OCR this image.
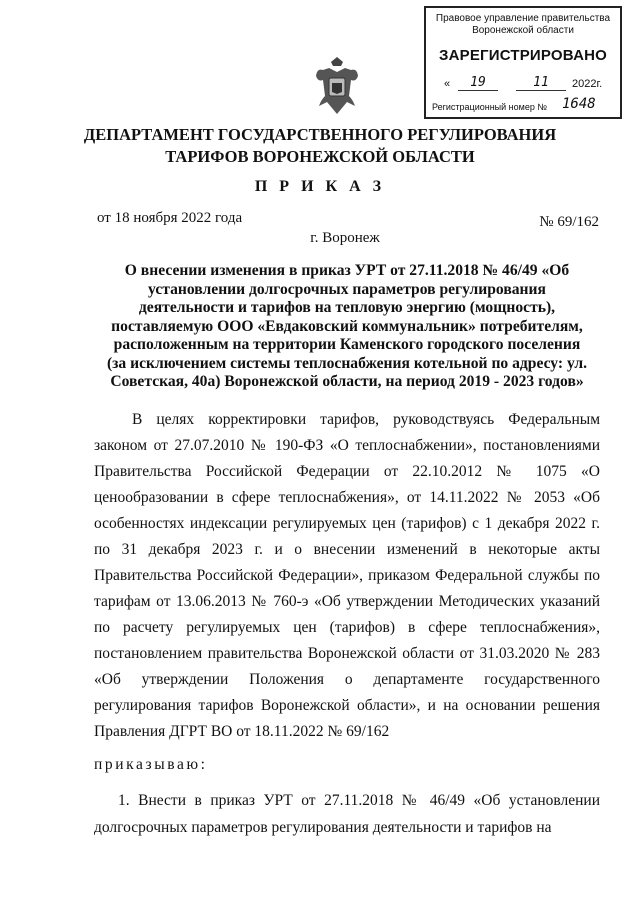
Правовое управление правительства
Воронежской области
ЗАРЕГИСТРИРОВАНО
«	19	11	2022г.
Регистрационный номер № 1648
ДЕПАРТАМЕНТ ГОСУДАРСТВЕННОГО РЕГУЛИРОВАНИЯ
ТАРИФОВ ВОРОНЕЖСКОЙ ОБЛАСТИ
П Р И К А З
от 18 ноября 2022 года	№ 69/162
г. Воронеж
О внесении изменения в приказ УРТ от 27.11.2018 № 46/49 «Об установлении долгосрочных параметров регулирования деятельности и тарифов на тепловую энергию (мощность), поставляемую ООО «Евдаковский коммунальник» потребителям, расположенным на территории Каменского городского поселения (за исключением системы теплоснабжения котельной по адресу: ул. Советская, 40а) Воронежской области, на период 2019 - 2023 годов»

В целях корректировки тарифов, руководствуясь Федеральным законом от 27.07.2010 № 190-ФЗ «О теплоснабжении», постановлениями Правительства Российской Федерации от 22.10.2012 № 1075 «О ценообразовании в сфере теплоснабжения», от 14.11.2022 № 2053 «Об особенностях индексации регулируемых цен (тарифов) с 1 декабря 2022 г. по 31 декабря 2023 г. и о внесении изменений в некоторые акты Правительства Российской Федерации», приказом Федеральной службы по тарифам от 13.06.2013 № 760-э «Об утверждении Методических указаний по расчету регулируемых цен (тарифов) в сфере теплоснабжения», постановлением правительства Воронежской области от 31.03.2020 № 283 «Об утверждении Положения о департаменте государственного регулирования тарифов Воронежской области», и на основании решения Правления ДГРТ ВО от 18.11.2022 № 69/162

приказываю:

1. Внести в приказ УРТ от 27.11.2018 № 46/49 «Об установлении долгосрочных параметров регулирования деятельности и тарифов на
